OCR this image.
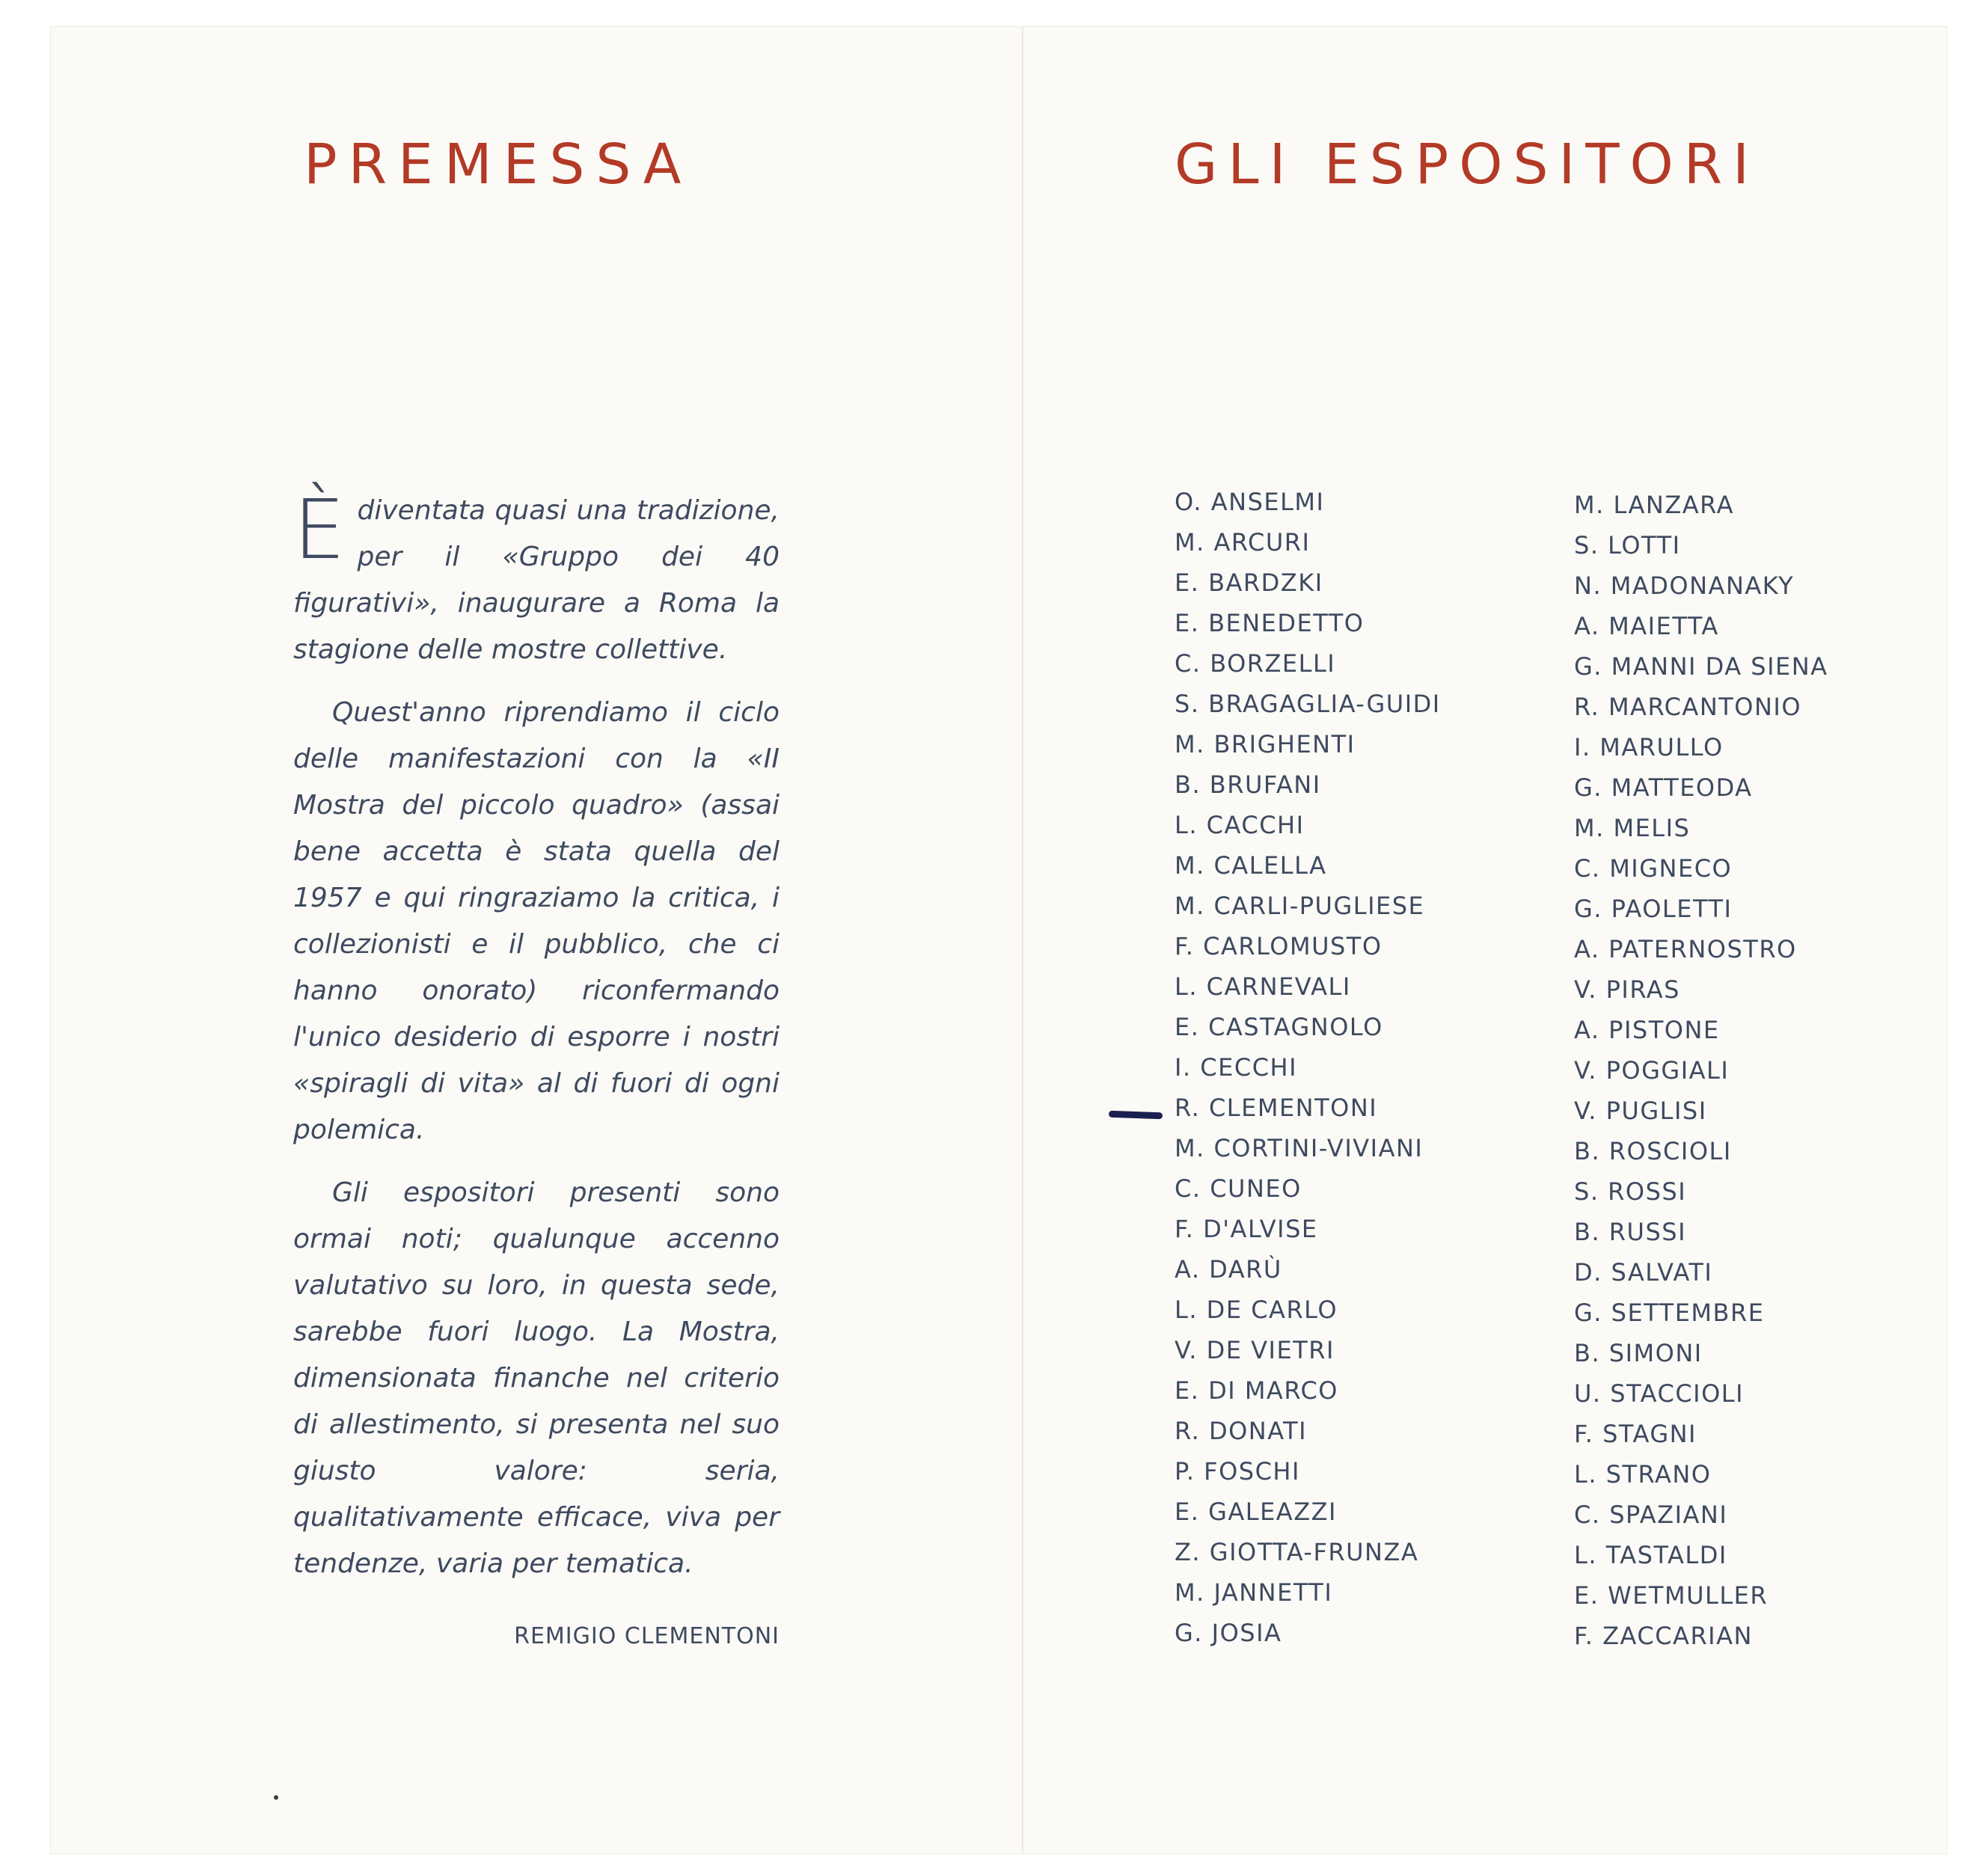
PREMESSA

Èdiventata quasi una tradizione, per il «Gruppo dei 40 figurativi», inaugurare a Roma la stagione delle mostre collettive.

Quest'anno riprendiamo il ciclo delle manifestazioni con la «II Mostra del piccolo quadro» (assai bene accetta è stata quella del 1957 e qui ringraziamo la critica, i collezionisti e il pubblico, che ci hanno onorato) riconfermando l'unico desiderio di esporre i nostri «spiragli di vita» al di fuori di ogni polemica.

Gli espositori presenti sono ormai noti; qualunque accenno valutativo su loro, in questa sede, sarebbe fuori luogo. La Mostra, dimensionata finanche nel criterio di allestimento, si presenta nel suo giusto valore: seria, qualitativamente efficace, viva per tendenze, varia per tematica.

REMIGIO CLEMENTONI
GLI ESPOSITORI
O. ANSELMI
M. ARCURI
E. BARDZKI
E. BENEDETTO
C. BORZELLI
S. BRAGAGLIA-GUIDI
M. BRIGHENTI
B. BRUFANI
L. CACCHI
M. CALELLA
M. CARLI-PUGLIESE
F. CARLOMUSTO
L. CARNEVALI
E. CASTAGNOLO
I. CECCHI
R. CLEMENTONI
M. CORTINI-VIVIANI
C. CUNEO
F. D'ALVISE
A. DARÙ
L. DE CARLO
V. DE VIETRI
E. DI MARCO
R. DONATI
P. FOSCHI
E. GALEAZZI
Z. GIOTTA-FRUNZA
M. JANNETTI
G. JOSIA
M. LANZARA
S. LOTTI
N. MADONANAKY
A. MAIETTA
G. MANNI DA SIENA
R. MARCANTONIO
I. MARULLO
G. MATTEODA
M. MELIS
C. MIGNECO
G. PAOLETTI
A. PATERNOSTRO
V. PIRAS
A. PISTONE
V. POGGIALI
V. PUGLISI
B. ROSCIOLI
S. ROSSI
B. RUSSI
D. SALVATI
G. SETTEMBRE
B. SIMONI
U. STACCIOLI
F. STAGNI
L. STRANO
C. SPAZIANI
L. TASTALDI
E. WETMULLER
F. ZACCARIAN
